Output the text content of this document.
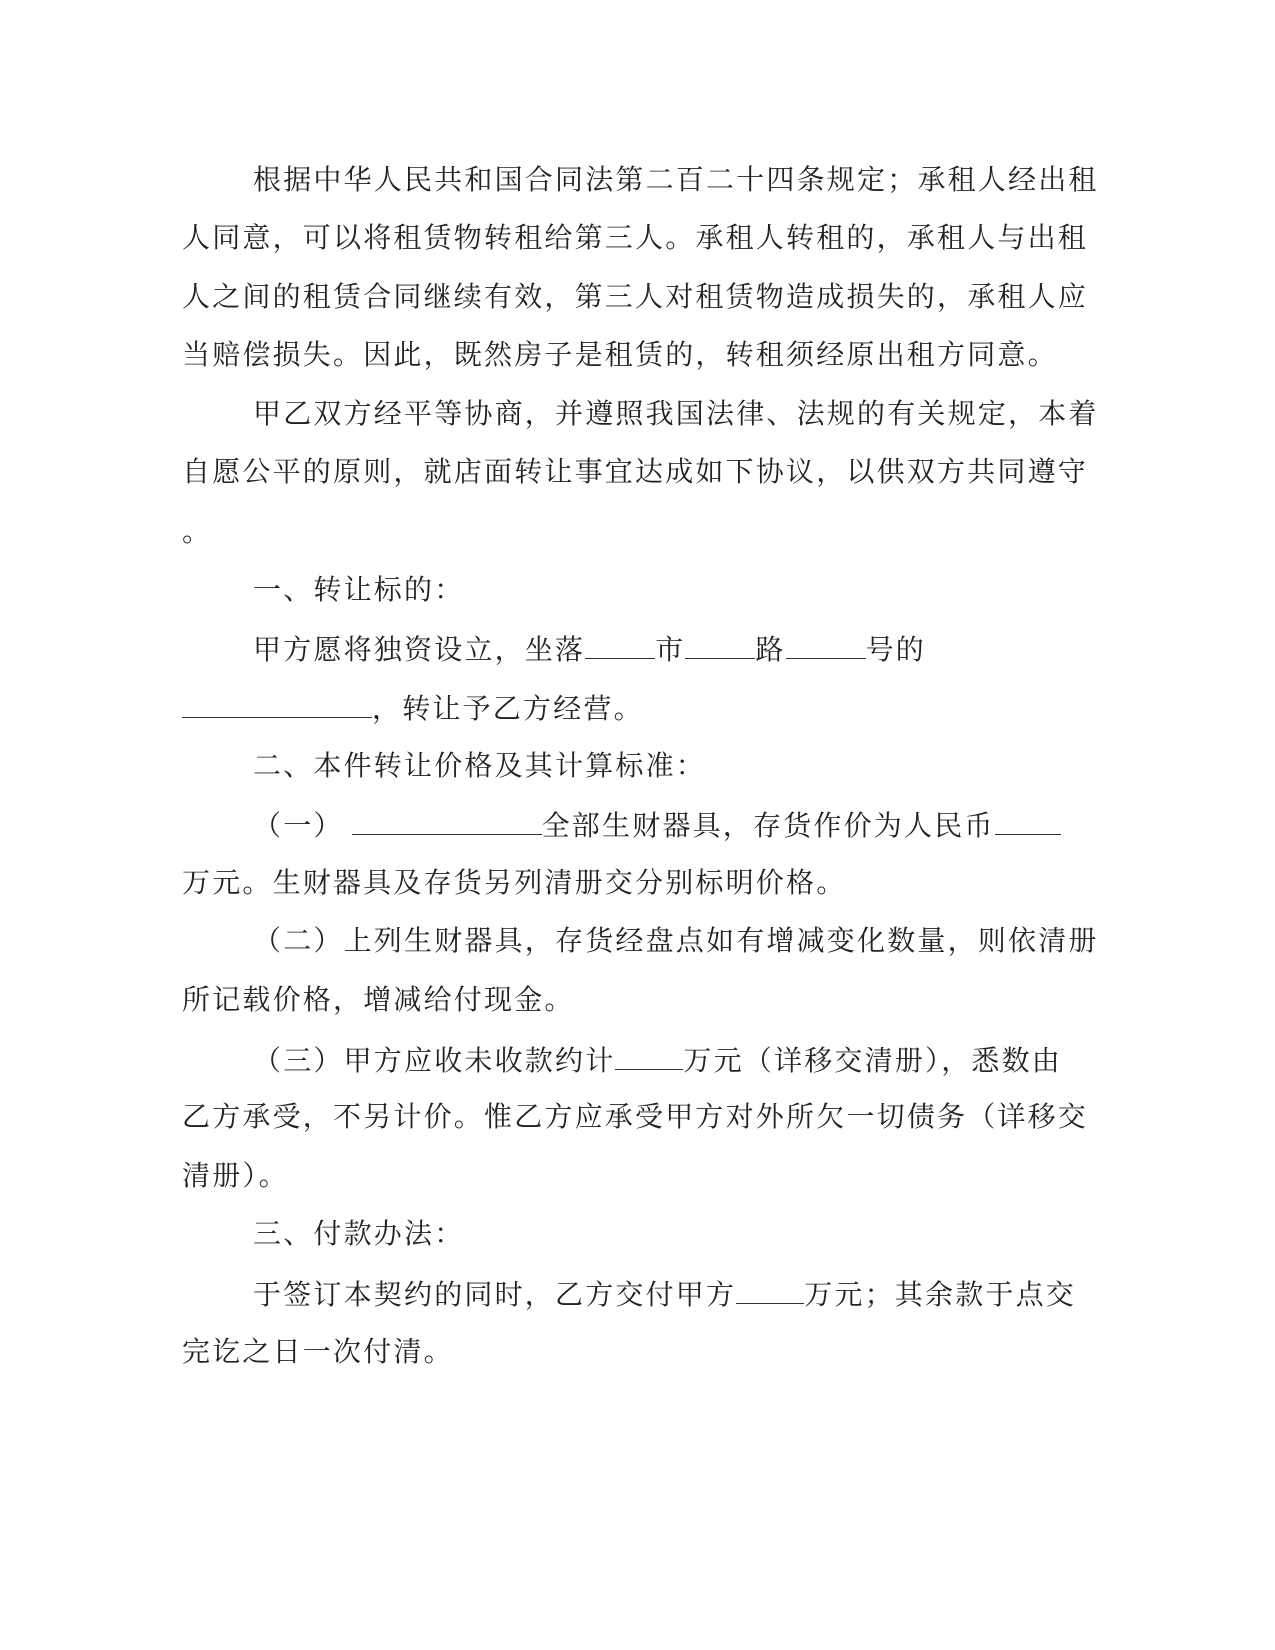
根据中华人民共和国合同法第二百二十四条规定；承租人经出租
人同意，可以将租赁物转租给第三人。承租人转租的，承租人与出租
人之间的租赁合同继续有效，第三人对租赁物造成损失的，承租人应
当赔偿损失。因此，既然房子是租赁的，转租须经原出租方同意。
甲乙双方经平等协商，并遵照我国法律、法规的有关规定，本着
自愿公平的原则，就店面转让事宜达成如下协议，以供双方共同遵守
。
一、转让标的：
甲方愿将独资设立，坐落	市	路	号的
，转让予乙方经营。
二、本件转让价格及其计算标准：
（一）	全部生财器具，存货作价为人民币
万元。生财器具及存货另列清册交分别标明价格。
（二）上列生财器具，存货经盘点如有增减变化数量，则依清册
所记载价格，增减给付现金。
（三）甲方应收未收款约计 万元（详移交清册），悉数由
乙方承受，不另计价。惟乙方应承受甲方对外所欠一切债务（详移交
清册）。
三、付款办法：
于签订本契约的同时，乙方交付甲方 万元；其余款于点交
完讫之日一次付清。
